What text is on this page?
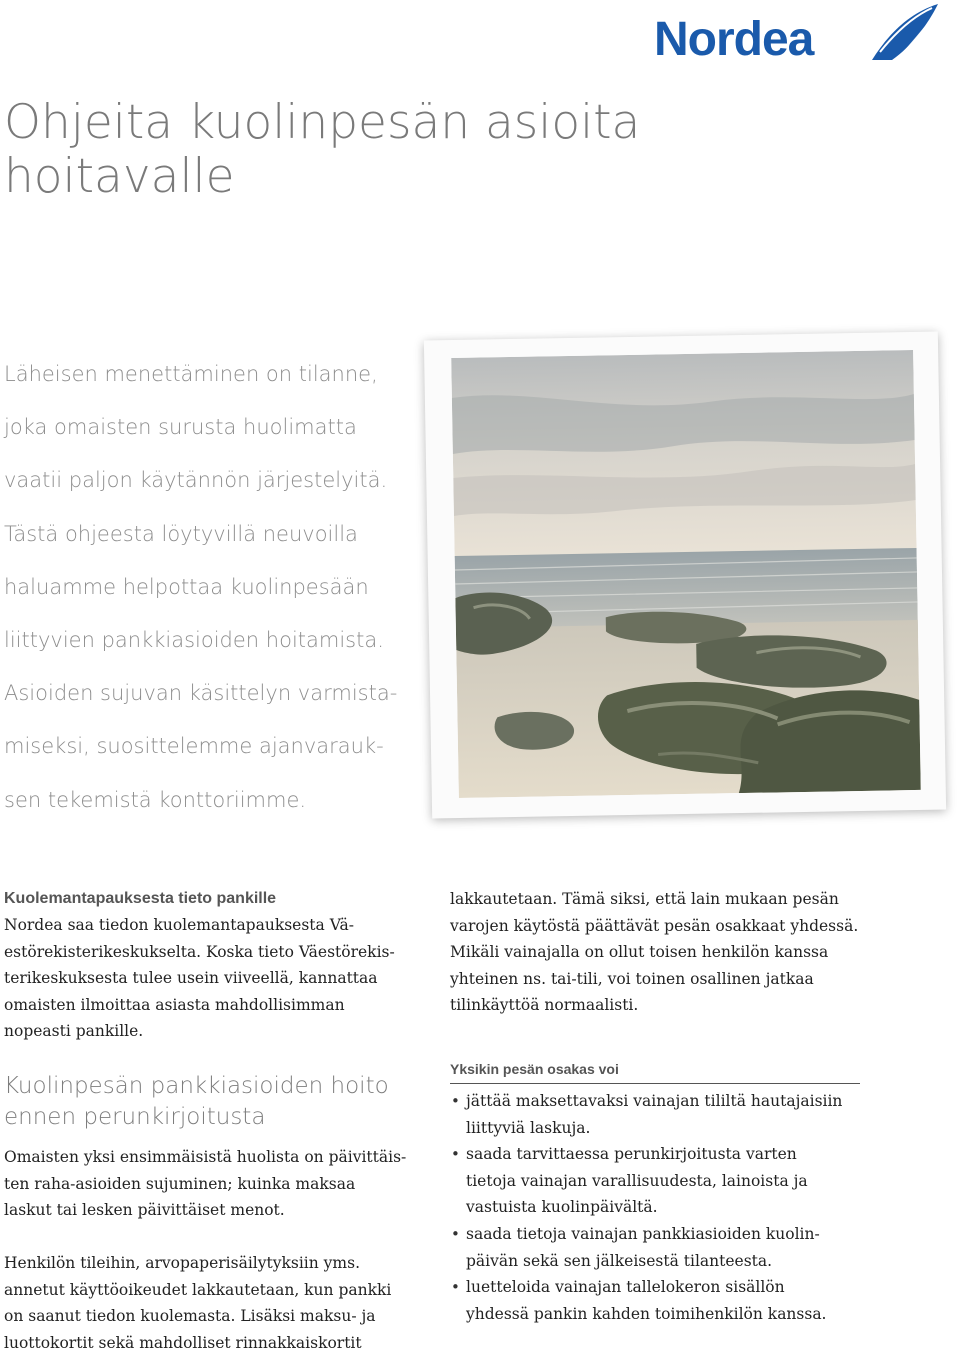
Nordea
Ohjeita kuolinpesän asioita
hoitavalle
Läheisen menettäminen on tilanne,
joka omaisten surusta huolimatta
vaatii paljon käytännön järjestelyitä.
Tästä ohjeesta löytyvillä neuvoilla
haluamme helpottaa kuolinpesään
liittyvien pankkiasioiden hoitamista.
Asioiden sujuvan käsittelyn varmista-
miseksi, suosittelemme ajanvarauk-
sen tekemistä konttoriimme.
Kuolemantapauksesta tieto pankille

Nordea saa tiedon kuolemantapauksesta Vä-
estörekisterikeskukselta. Koska tieto Väestörekis-
terikeskuksesta tulee usein viiveellä, kannattaa
omaisten ilmoittaa asiasta mahdollisimman
nopeasti pankille.

Kuolinpesän pankkiasioiden hoito
ennen perunkirjoitusta

Omaisten yksi ensimmäisistä huolista on päivittäis-
ten raha-asioiden sujuminen; kuinka maksaa
laskut tai lesken päivittäiset menot.

Henkilön tileihin, arvopaperisäilytyksiin yms.
annetut käyttöoikeudet lakkautetaan, kun pankki
on saanut tiedon kuolemasta. Lisäksi maksu- ja
luottokortit sekä mahdolliset rinnakkaiskortit

lakkautetaan. Tämä siksi, että lain mukaan pesän
varojen käytöstä päättävät pesän osakkaat yhdessä.
Mikäli vainajalla on ollut toisen henkilön kanssa
yhteinen ns. tai-tili, voi toinen osallinen jatkaa
tilinkäyttöä normaalisti.

Yksikin pesän osakas voi
• jättää maksettavaksi vainajan tililtä hautajaisiin
liittyviä laskuja.
• saada tarvittaessa perunkirjoitusta varten
tietoja vainajan varallisuudesta, lainoista ja
vastuista kuolinpäivältä.
• saada tietoja vainajan pankkiasioiden kuolin-
päivän sekä sen jälkeisestä tilanteesta.
• luetteloida vainajan tallelokeron sisällön
yhdessä pankin kahden toimihenkilön kanssa.
